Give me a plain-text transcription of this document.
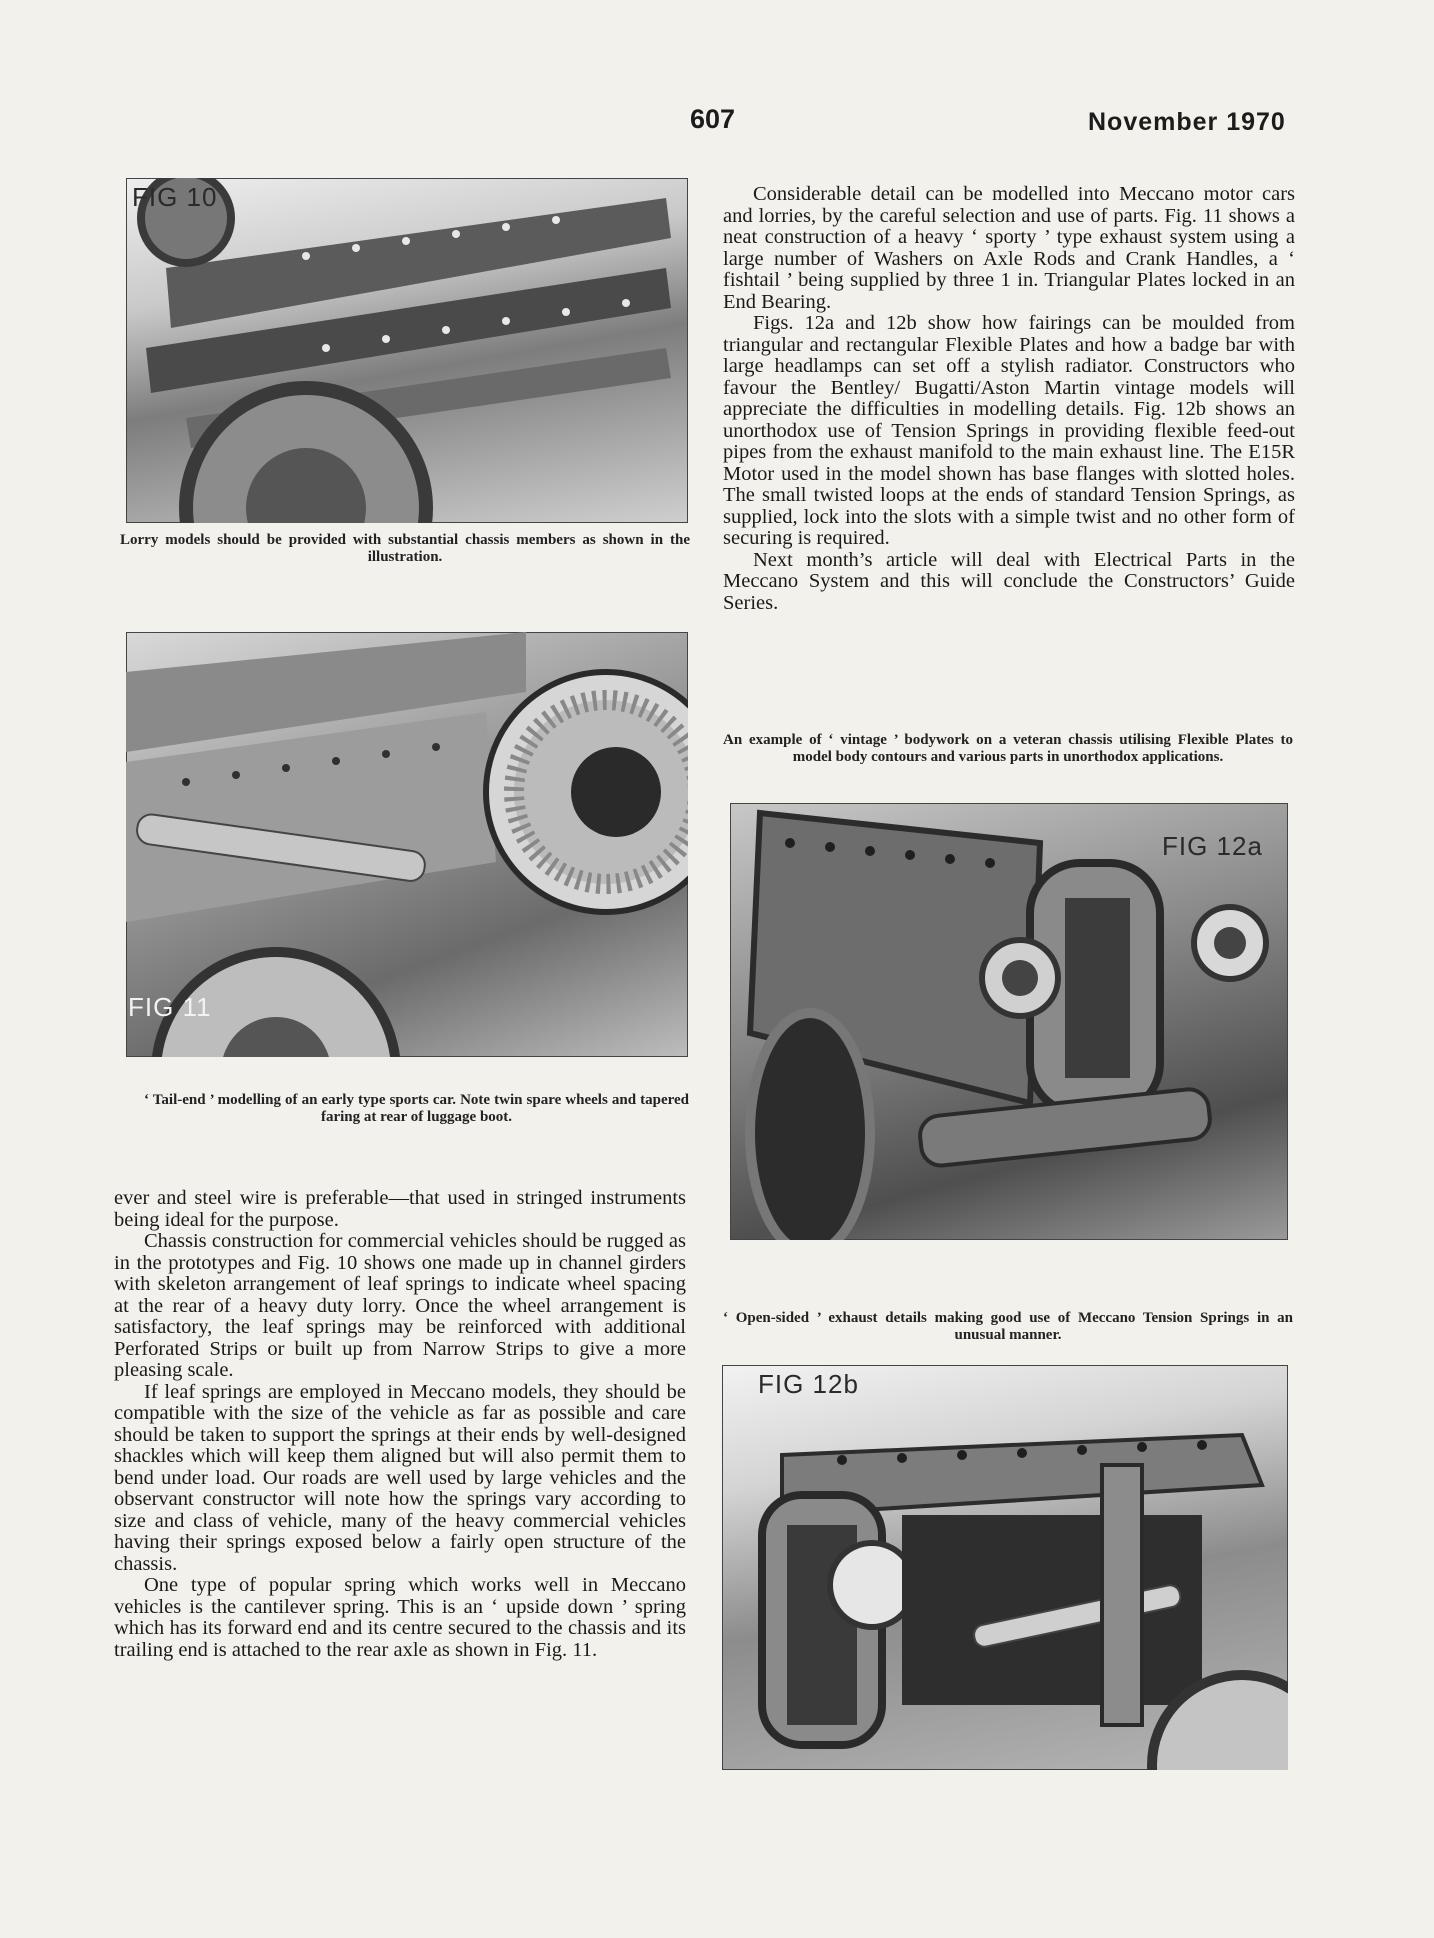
607	November 1970
FIG 10
Lorry models should be provided with substantial chassis members as shown in the illustration.
FIG 11
‘ Tail-end ’ modelling of an early type sports car. Note twin spare wheels and tapered faring at rear of luggage boot.

ever and steel wire is preferable—that used in stringed instruments being ideal for the purpose.

Chassis construction for commercial vehicles should be rugged as in the prototypes and Fig. 10 shows one made up in channel girders with skeleton arrangement of leaf springs to indicate wheel spacing at the rear of a heavy duty lorry. Once the wheel arrangement is satisfactory, the leaf springs may be reinforced with additional Perforated Strips or built up from Narrow Strips to give a more pleasing scale.

If leaf springs are employed in Meccano models, they should be compatible with the size of the vehicle as far as possible and care should be taken to support the springs at their ends by well-designed shackles which will keep them aligned but will also permit them to bend under load. Our roads are well used by large vehicles and the observant constructor will note how the springs vary according to size and class of vehicle, many of the heavy commercial vehicles having their springs exposed below a fairly open structure of the chassis.

One type of popular spring which works well in Meccano vehicles is the cantilever spring. This is an ‘ upside down ’ spring which has its forward end and its centre secured to the chassis and its trailing end is attached to the rear axle as shown in Fig. 11.

Considerable detail can be modelled into Meccano motor cars and lorries, by the careful selection and use of parts. Fig. 11 shows a neat construction of a heavy ‘ sporty ’ type exhaust system using a large number of Washers on Axle Rods and Crank Handles, a ‘ fishtail ’ being supplied by three 1 in. Triangular Plates locked in an End Bearing.

Figs. 12a and 12b show how fairings can be moulded from triangular and rectangular Flexible Plates and how a badge bar with large headlamps can set off a stylish radiator. Constructors who favour the Bentley/ Bugatti/Aston Martin vintage models will appreciate the difficulties in modelling details. Fig. 12b shows an unorthodox use of Tension Springs in providing flexible feed-out pipes from the exhaust manifold to the main exhaust line. The E15R Motor used in the model shown has base flanges with slotted holes. The small twisted loops at the ends of standard Tension Springs, as supplied, lock into the slots with a simple twist and no other form of securing is required.

Next month’s article will deal with Electrical Parts in the Meccano System and this will conclude the Constructors’ Guide Series.

An example of ‘ vintage ’ bodywork on a veteran chassis utilising Flexible Plates to model body contours and various parts in unorthodox applications.
FIG 12a
‘ Open-sided ’ exhaust details making good use of Meccano Tension Springs in an unusual manner.
FIG 12b
